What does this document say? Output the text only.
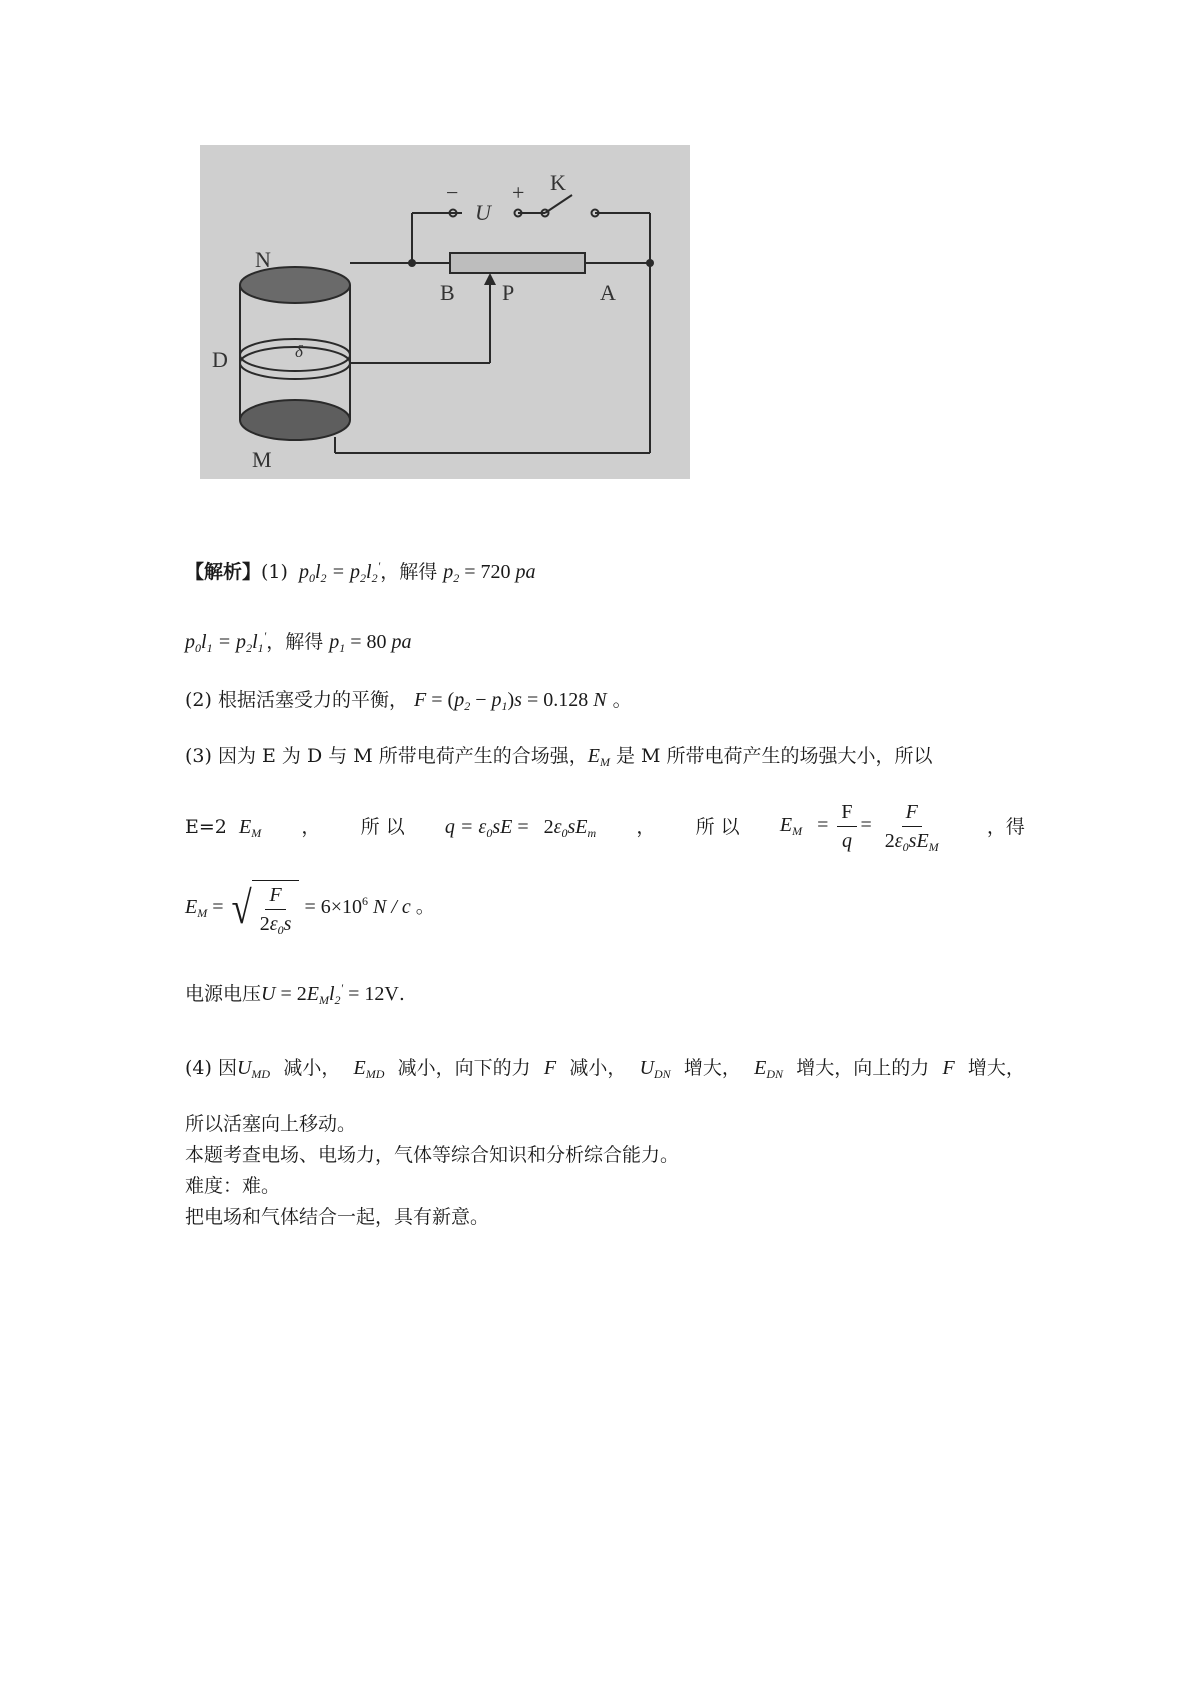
N
D
M
B P	A
U
K
− +
δ
【解析】(1)  $p_0l_2 = p_2l_2'$，解得 $p_2 = 720$ pa
$p_0l_1 = p_2l_1'$，解得 $p_1 = 80$ pa
(2) 根据活塞受力的平衡， $F = (p_2 - p_1)s = 0.128$ N 。
(3) 因为 E 为 D 与 M 所带电荷产生的合场强，$E_M$ 是 M 所带电荷产生的场强大小，所以
E=2 $E_M$ ， 所 以 $q = \varepsilon_0sE = 2\varepsilon_0sE_m$ ， 所 以 $E_M = \frac{F}{q} = \frac{F}{2\varepsilon_0sE_M}$ ，得
$E_M$ = √ $\frac{F}{2\varepsilon_0s} = 6\times 10^6$ N / c 。
电源电压$U = 2E_Ml_2' = 12V$.
(4) 因$U_{MD}$ 减小， $E_{MD}$ 减小，向下的力 F 减小， $U_{DN}$ 增大， $E_{DN}$ 增大，向上的力 F 增大，
所以活塞向上移动。
本题考查电场、电场力，气体等综合知识和分析综合能力。
难度：难。
把电场和气体结合一起，具有新意。
